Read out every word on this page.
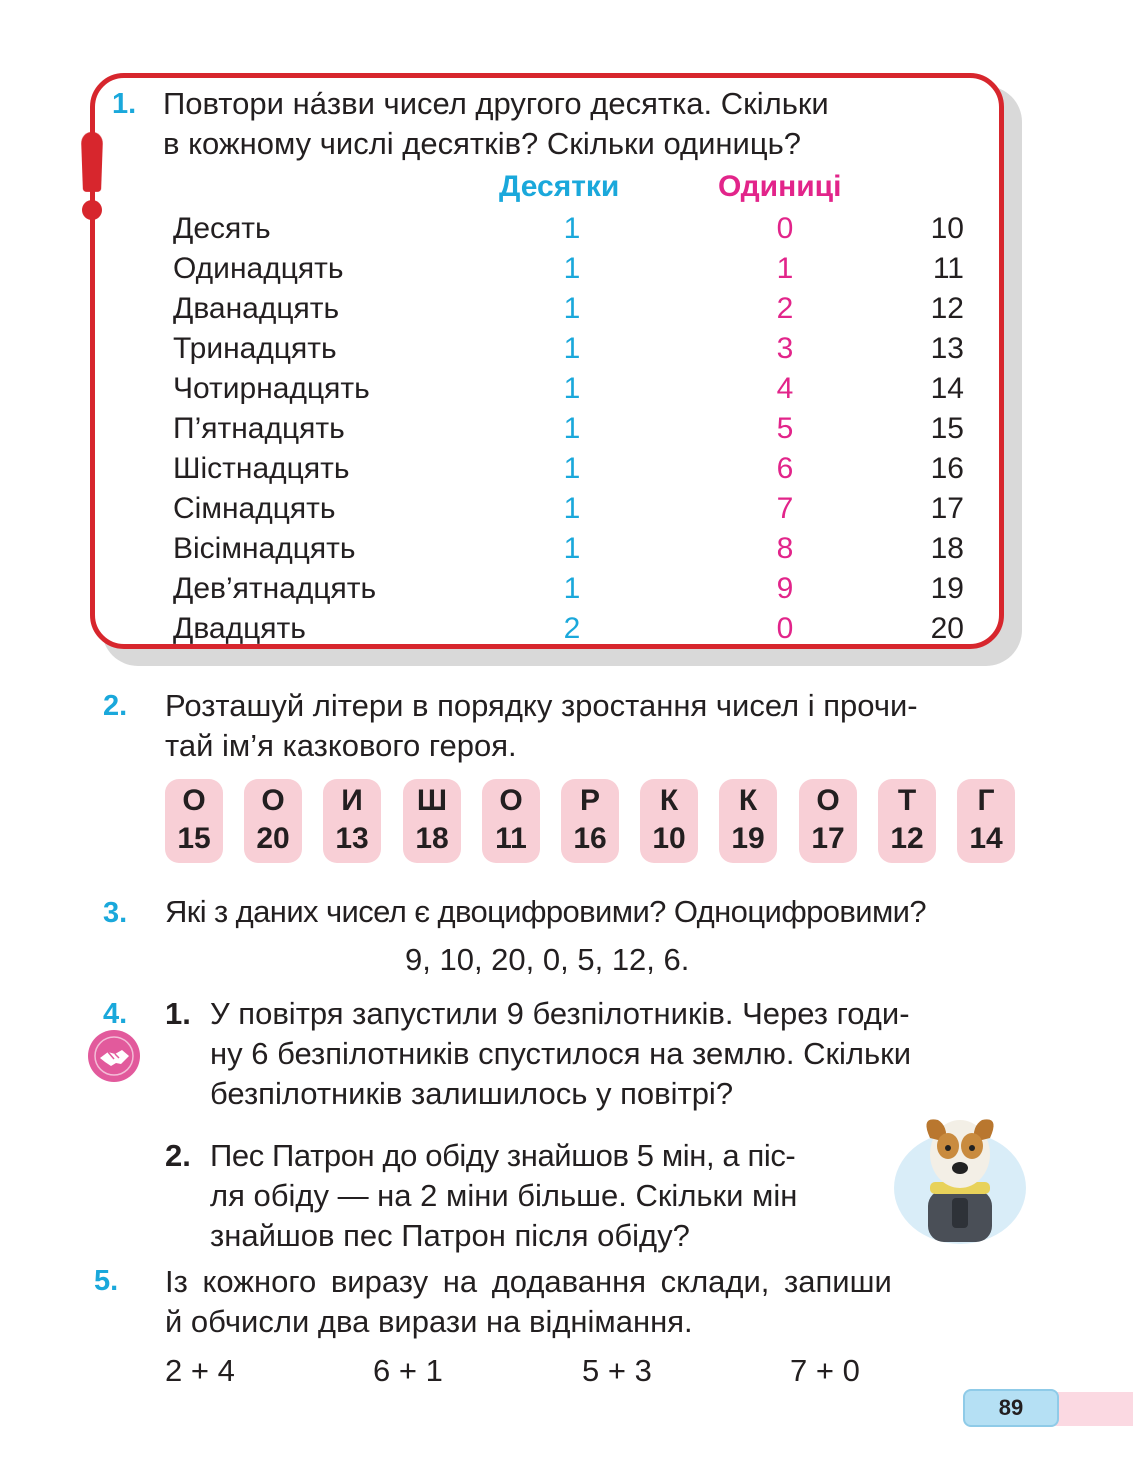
1. Повтори на́зви чисел другого десятка. Скільки
в кожному числі десятків? Скільки одиниць?
Десятки	Одиниці
Десять	1	0	10
Одинадцять	1	1	11
Дванадцять	1	2	12
Тринадцять	1	3	13
Чотирнадцять	1	4	14
П’ятнадцять	1	5	15
Шістнадцять	1	6	16
Сімнадцять	1	7	17
Вісімнадцять	1	8	18
Дев’ятнадцять	1	9	19
Двадцять	2	0	20
2. Розташуй літери в порядку зростання чисел і прочи-
тай ім’я казкового героя.
О
15
О
20
И
13
Ш
18
О
11
Р
16
К
10
К
19
О
17
Т
12
Г
14
3. Які з даних чисел є двоцифровими? Одноцифровими?
9, 10, 20, 0, 5, 12, 6.
4. 1. У повітря запустили 9 безпілотників. Через годи-
ну 6 безпілотників спустилося на землю. Скільки
безпілотників залишилось у повітрі?
2. Пес Патрон до обіду знайшов 5 мін, а піс-
ля обіду — на 2 міни більше. Скільки мін
знайшов пес Патрон після обіду?
5. Із кожного виразу на додавання склади, запиши
й обчисли два вирази на віднімання.
2 + 4	6 + 1	5 + 3	7 + 0
89
